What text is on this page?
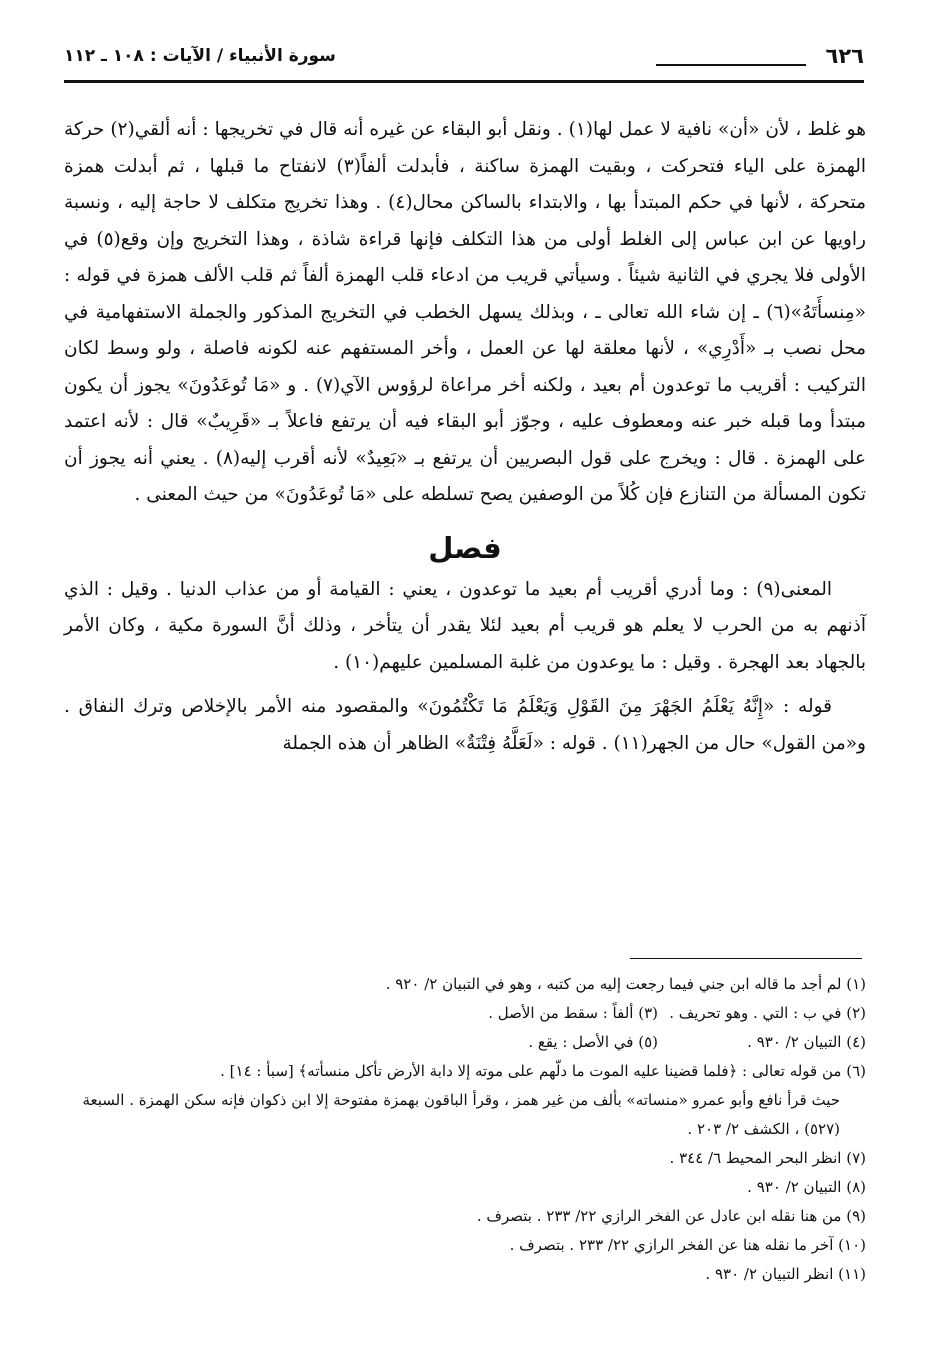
٦٢٦
سورة الأنبياء / الآيات : ١٠٨ ـ ١١٢

هو غلط ، لأن «أن» نافية لا عمل لها(١) . ونقل أبو البقاء عن غيره أنه قال في تخريجها : أنه ألقي(٢) حركة الهمزة على الياء فتحركت ، وبقيت الهمزة ساكنة ، فأبدلت ألفاً(٣) لانفتاح ما قبلها ، ثم أبدلت همزة متحركة ، لأنها في حكم المبتدأ بها ، والابتداء بالساكن محال(٤) . وهذا تخريج متكلف لا حاجة إليه ، ونسبة راويها عن ابن عباس إلى الغلط أولى من هذا التكلف فإنها قراءة شاذة ، وهذا التخريج وإن وقع(٥) في الأولى فلا يجري في الثانية شيئاً . وسيأتي قريب من ادعاء قلب الهمزة ألفاً ثم قلب الألف همزة في قوله : «مِنسأَتَهُ»(٦) ـ إن شاء الله تعالى ـ ، وبذلك يسهل الخطب في التخريج المذكور والجملة الاستفهامية في محل نصب بـ «أَدْرِي» ، لأنها معلقة لها عن العمل ، وأخر المستفهم عنه لكونه فاصلة ، ولو وسط لكان التركيب : أقريب ما توعدون أم بعيد ، ولكنه أخر مراعاة لرؤوس الآي(٧) . و «مَا تُوعَدُونَ» يجوز أن يكون مبتدأ وما قبله خبر عنه ومعطوف عليه ، وجوّز أبو البقاء فيه أن يرتفع فاعلاً بـ «قَرِيبٌ» قال : لأنه اعتمد على الهمزة . قال : ويخرج على قول البصريين أن يرتفع بـ «بَعِيدٌ» لأنه أقرب إليه(٨) . يعني أنه يجوز أن تكون المسألة من التنازع فإن كُلاً من الوصفين يصح تسلطه على «مَا تُوعَدُونَ» من حيث المعنى .

فصل

المعنى(٩) : وما أدري أقريب أم بعيد ما توعدون ، يعني : القيامة أو من عذاب الدنيا . وقيل : الذي آذنهم به من الحرب لا يعلم هو قريب أم بعيد لئلا يقدر أن يتأخر ، وذلك أنَّ السورة مكية ، وكان الأمر بالجهاد بعد الهجرة . وقيل : ما يوعدون من غلبة المسلمين عليهم(١٠) .

قوله : «إِنَّهُ يَعْلَمُ الجَهْرَ مِنَ القَوْلِ وَيَعْلَمُ مَا تَكْتُمُونَ» والمقصود منه الأمر بالإخلاص وترك النفاق . و«من القول» حال من الجهر(١١) . قوله : «لَعَلَّهُ فِتْنَةٌ» الظاهر أن هذه الجملة

(١) لم أجد ما قاله ابن جني فيما رجعت إليه من كتبه ، وهو في التبيان ٢/ ٩٢٠ .

(٢) في ب : التي . وهو تحريف .
(٣) ألفاً : سقط من الأصل .
(٤) التبيان ٢/ ٩٣٠ .
(٥) في الأصل : يقع .

(٦) من قوله تعالى : ﴿فلما قضينا عليه الموت ما دلّهم على موته إلا دابة الأرض تأكل منسأته﴾ [سبأ : ١٤] .
حيث قرأ نافع وأبو عمرو «منساته» بألف من غير همز ، وقرأ الباقون بهمزة مفتوحة إلا ابن ذكوان فإنه سكن الهمزة . السبعة (٥٢٧) ، الكشف ٢/ ٢٠٣ .

(٧) انظر البحر المحيط ٦/ ٣٤٤ .

(٨) التبيان ٢/ ٩٣٠ .

(٩) من هنا نقله ابن عادل عن الفخر الرازي ٢٢/ ٢٣٣ . بتصرف .

(١٠) آخر ما نقله هنا عن الفخر الرازي ٢٢/ ٢٣٣ . بتصرف .

(١١) انظر التبيان ٢/ ٩٣٠ .
